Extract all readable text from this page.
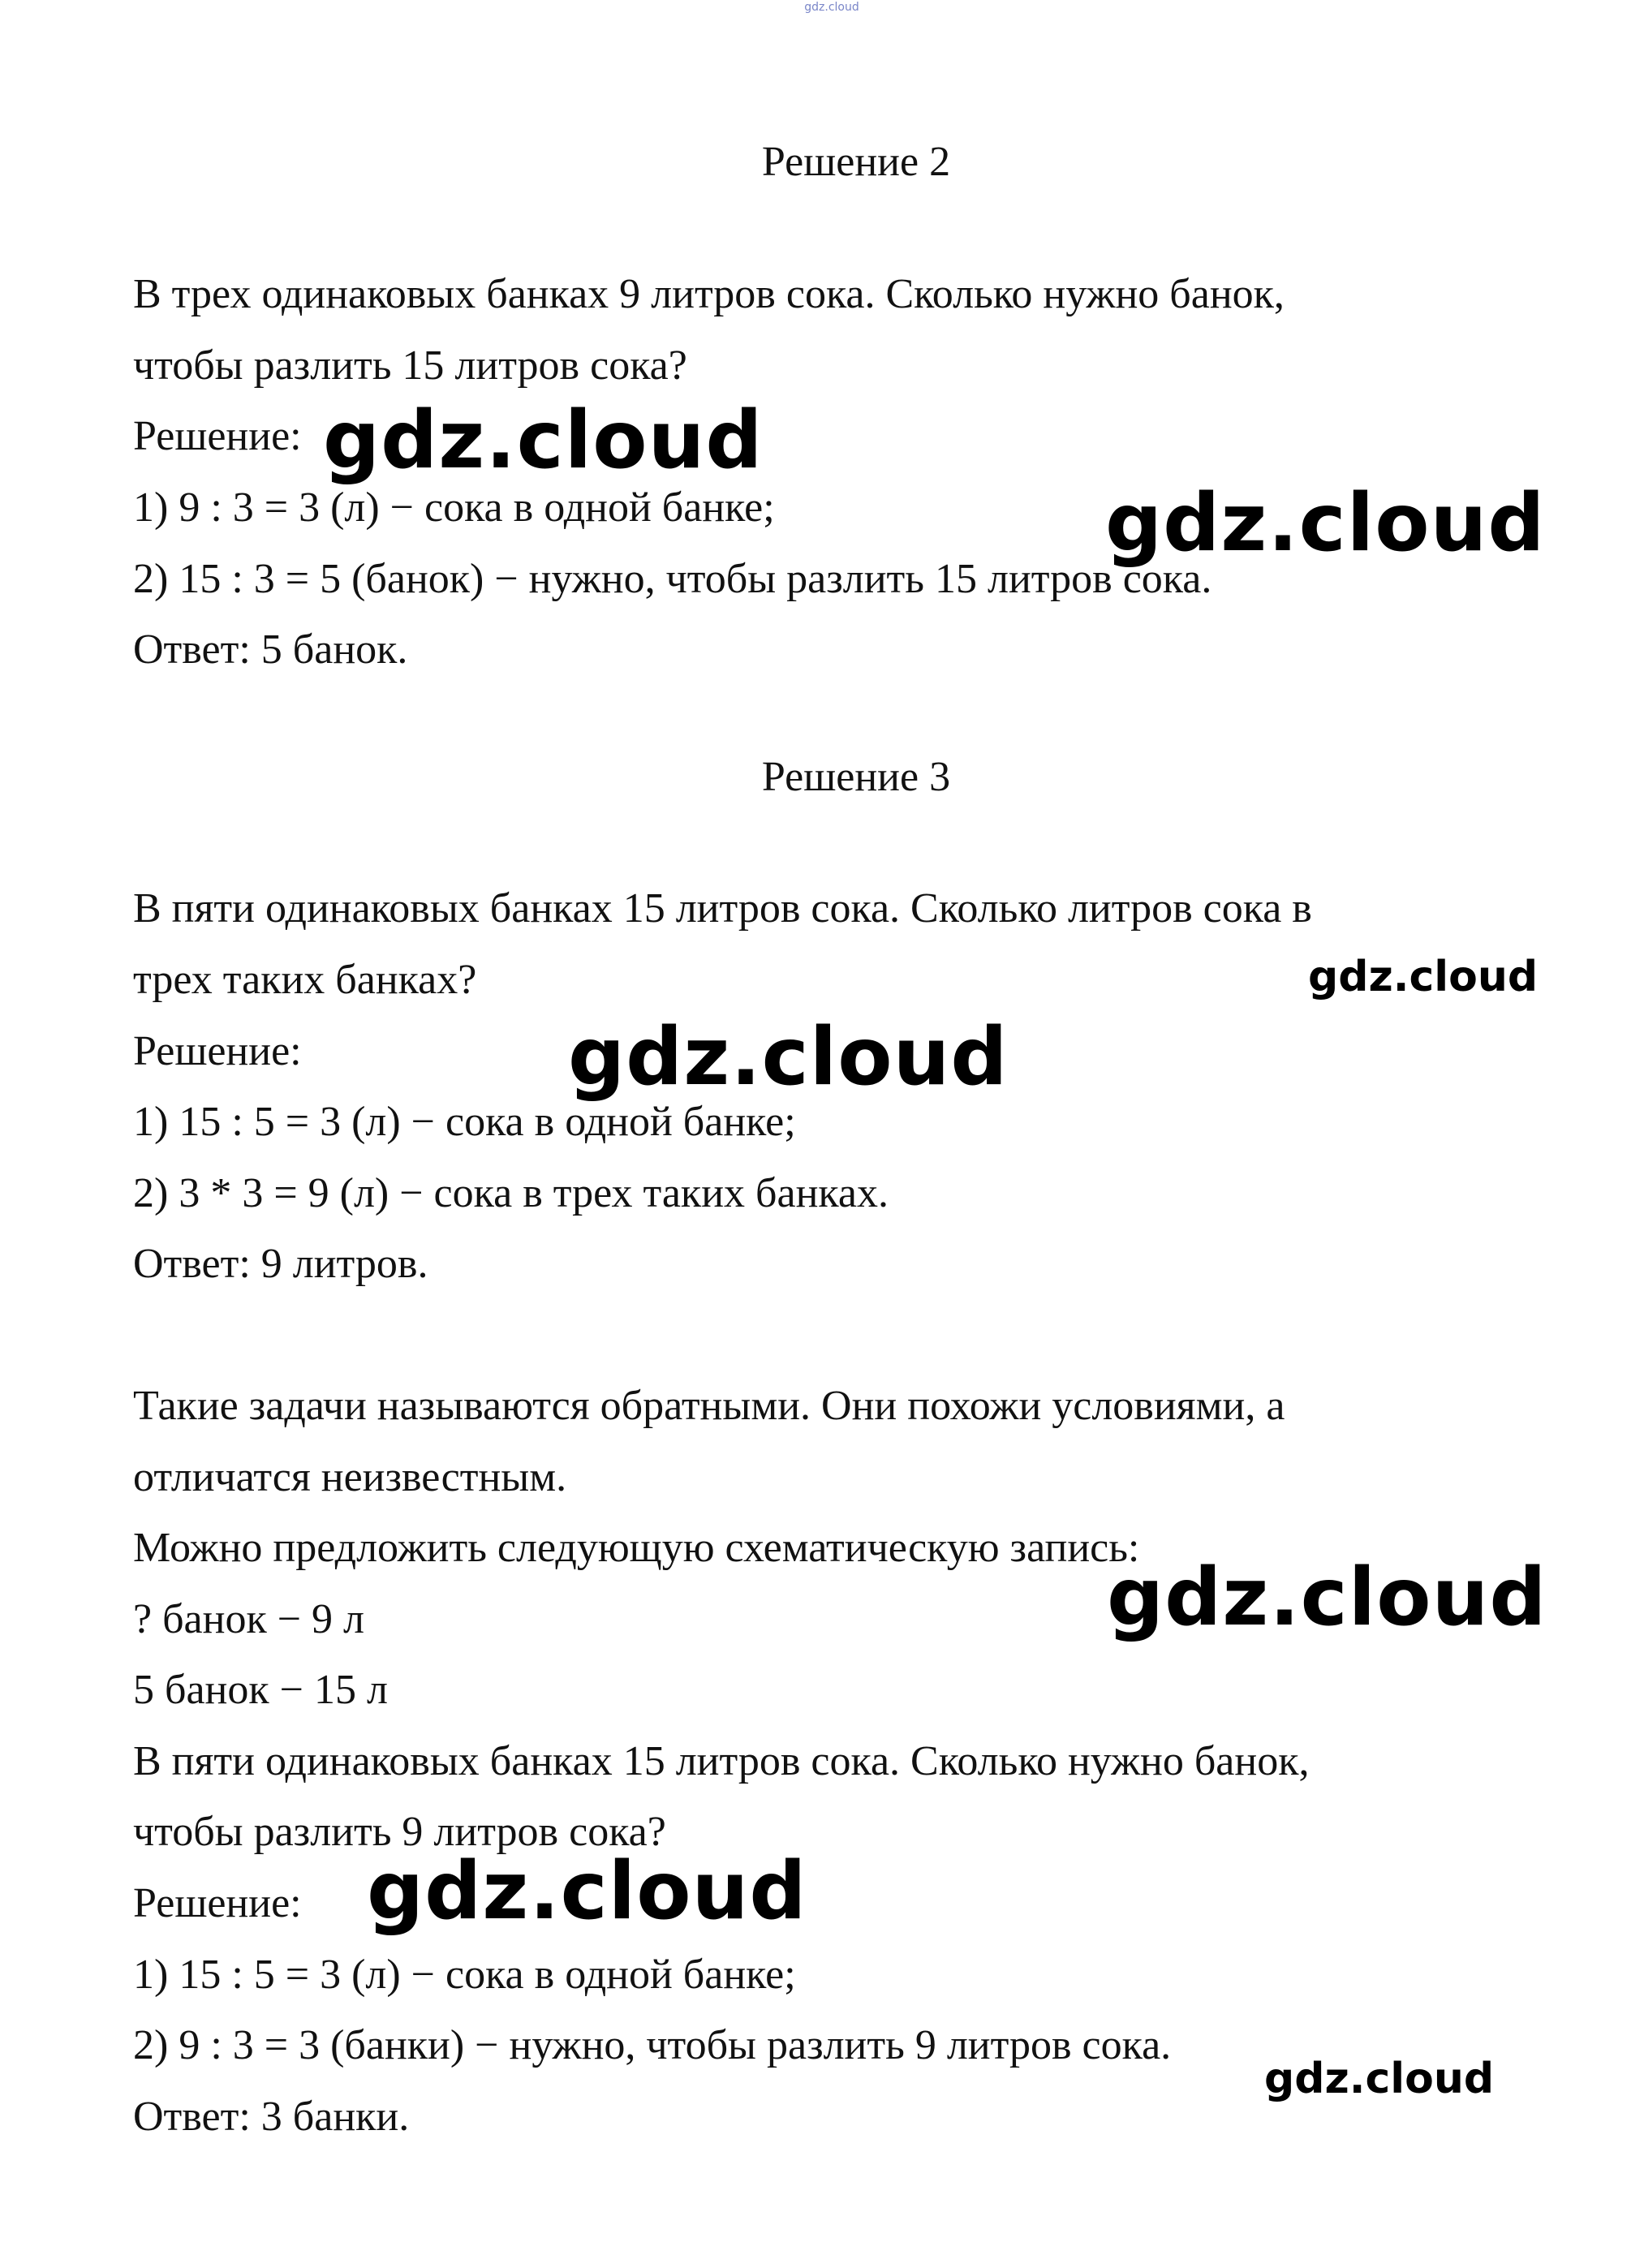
gdz.cloud
Решение 2
В трех одинаковых банках 9 литров сока. Сколько нужно банок,
чтобы разлить 15 литров сока?
Решение:
1) 9 : 3 = 3 (л) − сока в одной банке;
2) 15 : 3 = 5 (банок) − нужно, чтобы разлить 15 литров сока.
Ответ: 5 банок.
Решение 3
В пяти одинаковых банках 15 литров сока. Сколько литров сока в
трех таких банках?
Решение:
1) 15 : 5 = 3 (л) − сока в одной банке;
2) 3 * 3 = 9 (л) − сока в трех таких банках.
Ответ: 9 литров.
Такие задачи называются обратными. Они похожи условиями, а
отличатся неизвестным.
Можно предложить следующую схематическую запись:
? банок − 9 л
5 банок − 15 л
В пяти одинаковых банках 15 литров сока. Сколько нужно банок,
чтобы разлить 9 литров сока?
Решение:
1) 15 : 5 = 3 (л) − сока в одной банке;
2) 9 : 3 = 3 (банки) − нужно, чтобы разлить 9 литров сока.
Ответ: 3 банки.
gdz.cloud
gdz.cloud
gdz.cloud
gdz.cloud
gdz.cloud
gdz.cloud
gdz.cloud
